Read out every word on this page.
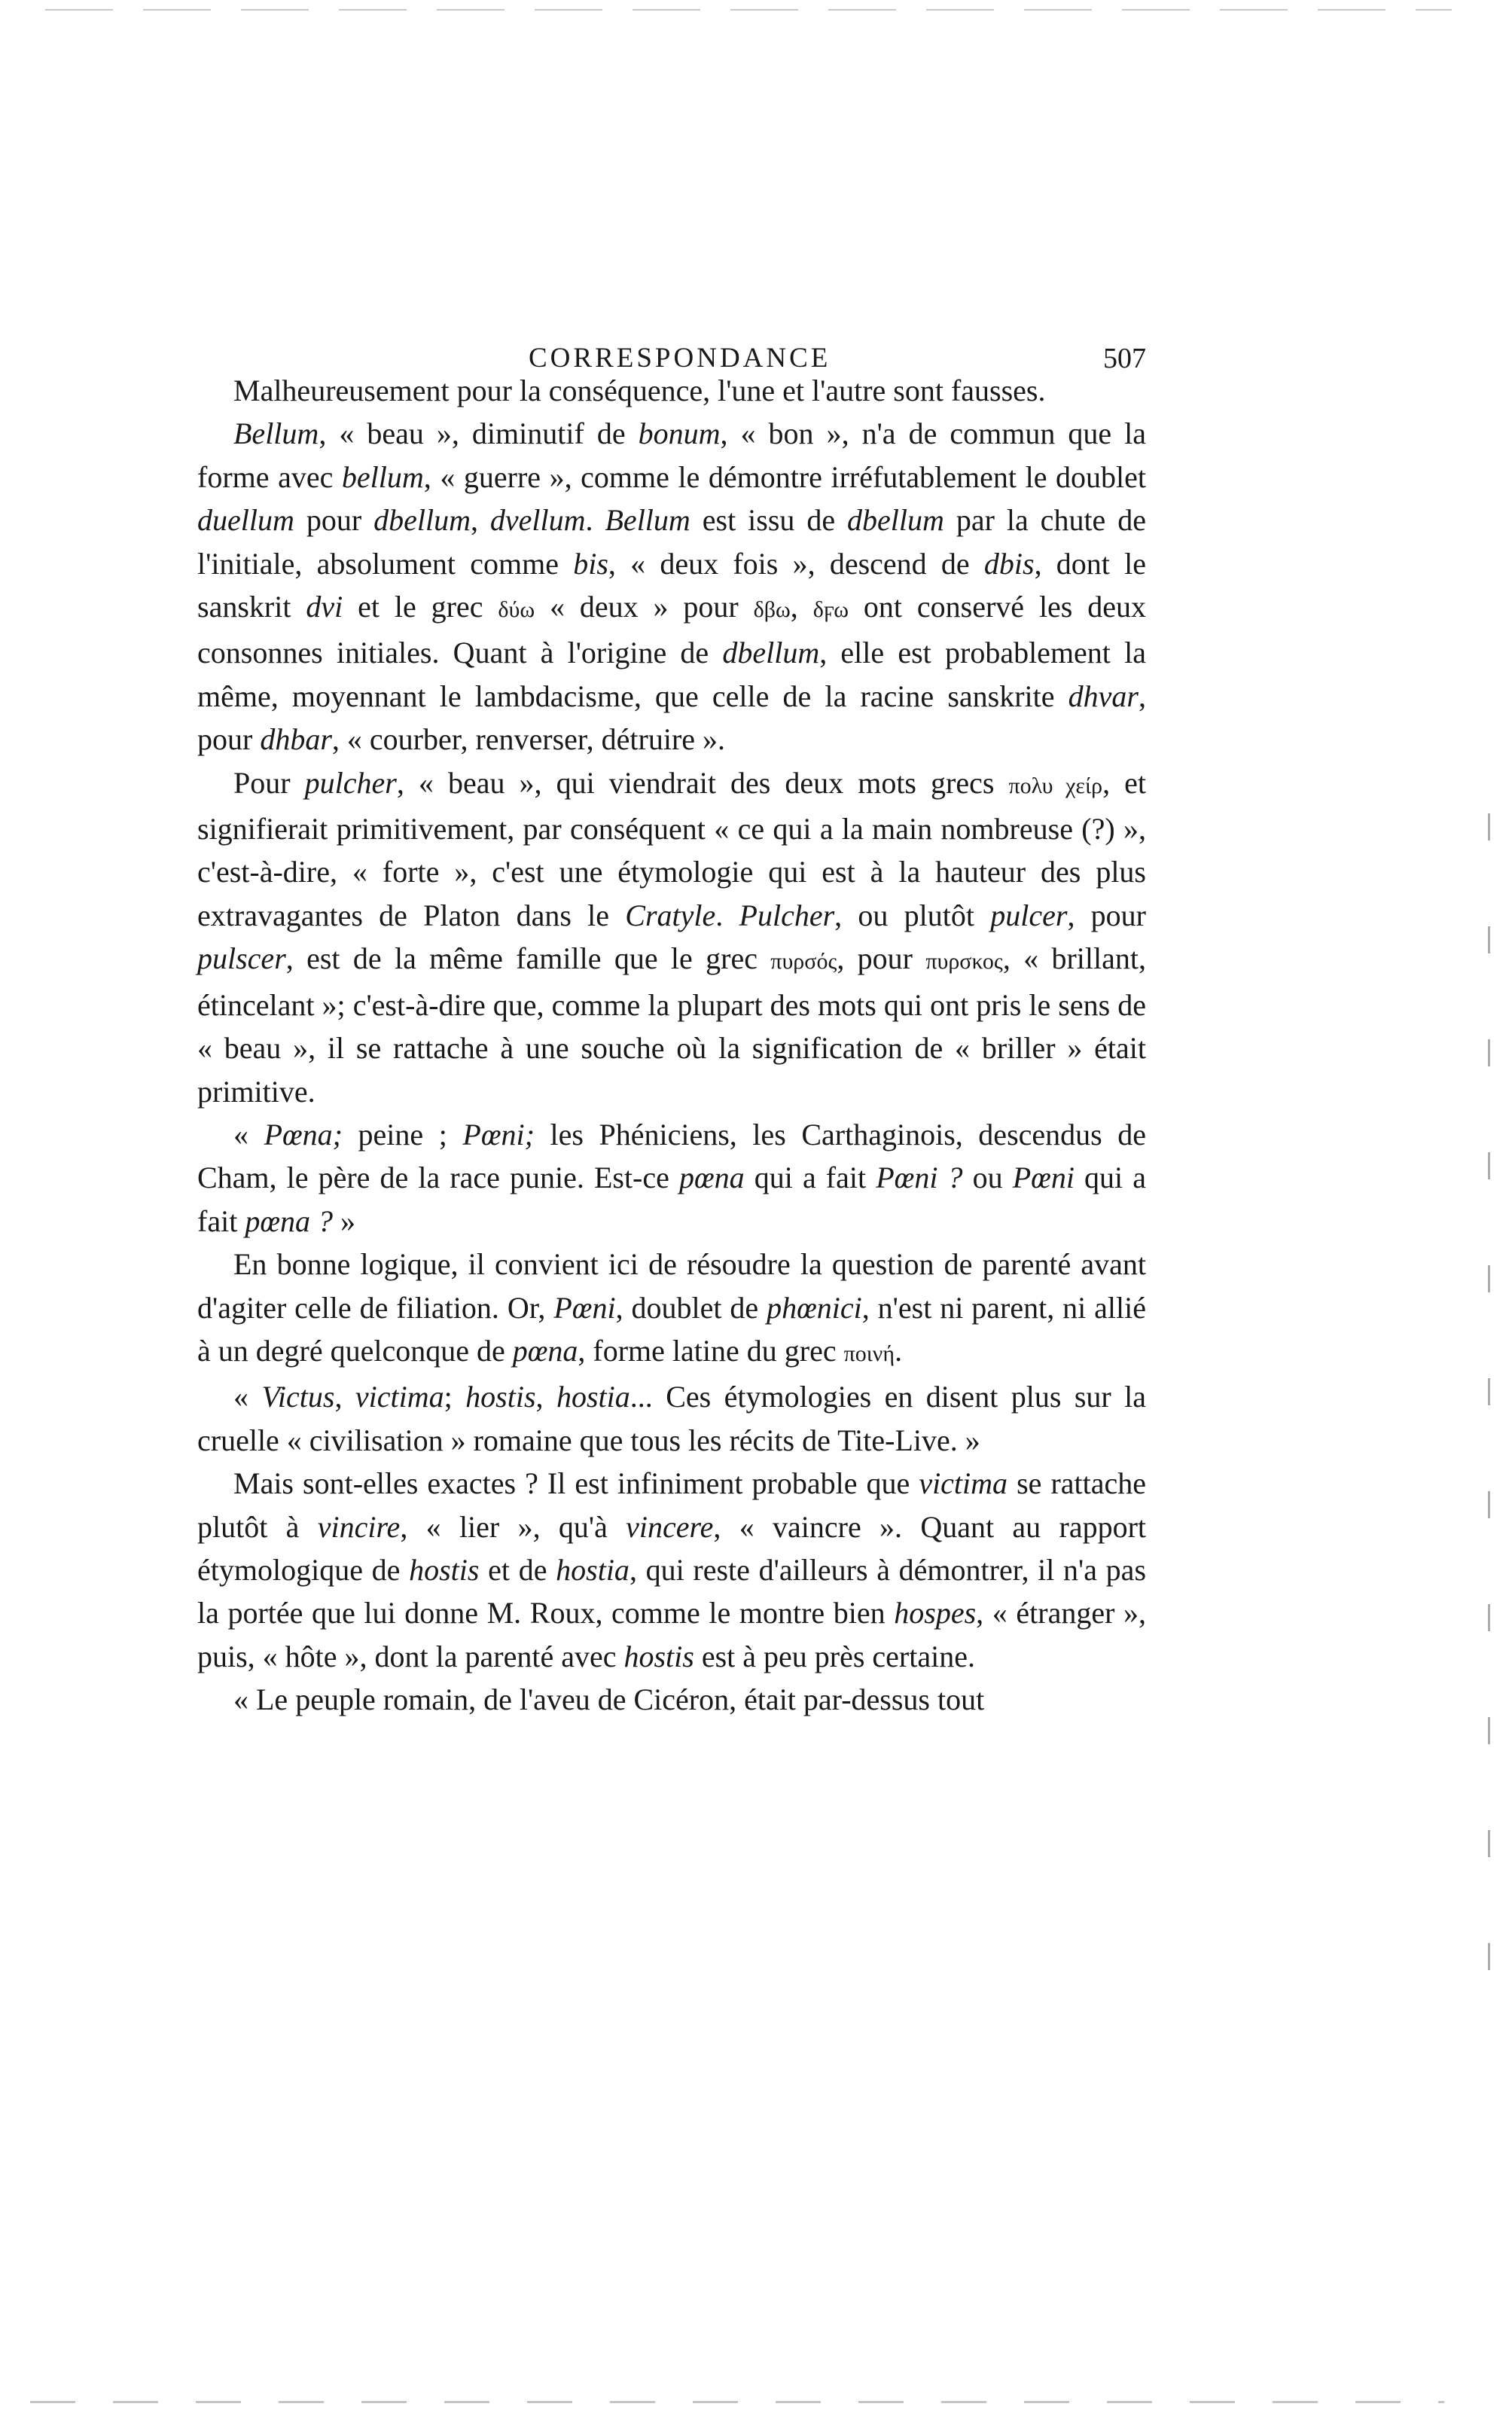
CORRESPONDANCE	507

Malheureusement pour la conséquence, l'une et l'autre sont fausses.

Bellum, « beau », diminutif de bonum, « bon », n'a de commun que la forme avec bellum, « guerre », comme le démontre irréfutablement le doublet duellum pour dbellum, dvellum. Bellum est issu de dbellum par la chute de l'initiale, absolument comme bis, « deux fois », descend de dbis, dont le sanskrit dvi et le grec δύω « deux » pour δβω, δϝω ont conservé les deux consonnes initiales. Quant à l'origine de dbellum, elle est probablement la même, moyennant le lambdacisme, que celle de la racine sanskrite dhvar, pour dhbar, « courber, renverser, détruire ».

Pour pulcher, « beau », qui viendrait des deux mots grecs πολυ χείρ, et signifierait primitivement, par conséquent « ce qui a la main nombreuse (?) », c'est-à-dire, « forte », c'est une étymologie qui est à la hauteur des plus extravagantes de Platon dans le Cratyle. Pulcher, ou plutôt pulcer, pour pulscer, est de la même famille que le grec πυρσός, pour πυρσκος, « brillant, étincelant »; c'est-à-dire que, comme la plupart des mots qui ont pris le sens de « beau », il se rattache à une souche où la signification de « briller » était primitive.

« Pœna; peine ; Pœni; les Phéniciens, les Carthaginois, descendus de Cham, le père de la race punie. Est-ce pœna qui a fait Pœni ? ou Pœni qui a fait pœna ? »

En bonne logique, il convient ici de résoudre la question de parenté avant d'agiter celle de filiation. Or, Pœni, doublet de phœnici, n'est ni parent, ni allié à un degré quelconque de pœna, forme latine du grec ποινή.

« Victus, victima; hostis, hostia... Ces étymologies en disent plus sur la cruelle « civilisation » romaine que tous les récits de Tite-Live. »

Mais sont-elles exactes ? Il est infiniment probable que victima se rattache plutôt à vincire, « lier », qu'à vincere, « vaincre ». Quant au rapport étymologique de hostis et de hostia, qui reste d'ailleurs à démontrer, il n'a pas la portée que lui donne M. Roux, comme le montre bien hospes, « étranger », puis, « hôte », dont la parenté avec hostis est à peu près certaine.

« Le peuple romain, de l'aveu de Cicéron, était par-dessus tout
